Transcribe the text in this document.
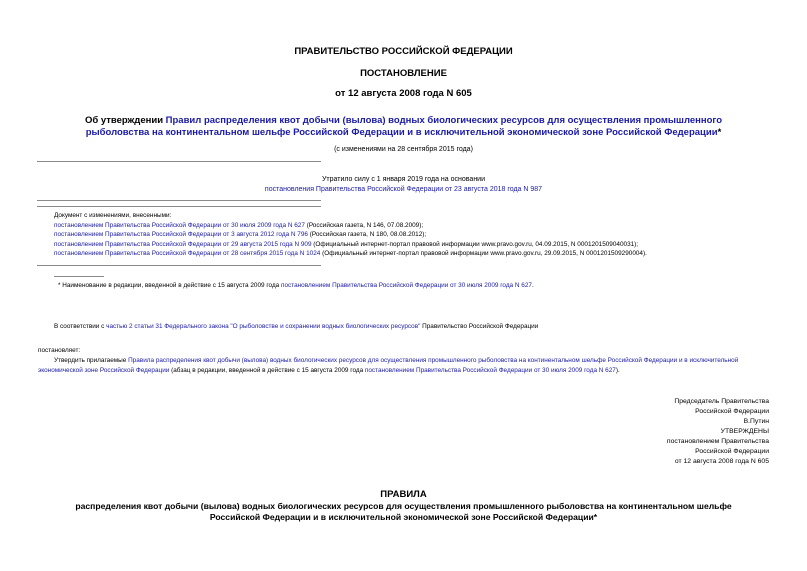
ПРАВИТЕЛЬСТВО РОССИЙСКОЙ ФЕДЕРАЦИИ
ПОСТАНОВЛЕНИЕ
от 12 августа 2008 года N 605
Об утверждении Правил распределения квот добычи (вылова) водных биологических ресурсов для осуществления промышленного рыболовства на континентальном шельфе Российской Федерации и в исключительной экономической зоне Российской Федерации*
(с изменениями на 28 сентября 2015 года)
Утратило силу с 1 января 2019 года на основании
постановления Правительства Российской Федерации от 23 августа 2018 года N 987
Документ с изменениями, внесенными:
постановлением Правительства Российской Федерации от 30 июля 2009 года N 627 (Российская газета, N 146, 07.08.2009);
постановлением Правительства Российской Федерации от 3 августа 2012 года N 796 (Российская газета, N 180, 08.08.2012);
постановлением Правительства Российской Федерации от 29 августа 2015 года N 909 (Официальный интернет-портал правовой информации www.pravo.gov.ru, 04.09.2015, N 0001201509040031);
постановлением Правительства Российской Федерации от 28 сентября 2015 года N 1024 (Официальный интернет-портал правовой информации www.pravo.gov.ru, 29.09.2015, N 0001201509290004).
* Наименование в редакции, введенной в действие с 15 августа 2009 года постановлением Правительства Российской Федерации от 30 июля 2009 года N 627.
В соответствии с частью 2 статьи 31 Федерального закона "О рыболовстве и сохранении водных биологических ресурсов" Правительство Российской Федерации
постановляет:
Утвердить прилагаемые Правила распределения квот добычи (вылова) водных биологических ресурсов для осуществления промышленного рыболовства на континентальном шельфе Российской Федерации и в исключительной экономической зоне Российской Федерации (абзац в редакции, введенной в действие с 15 августа 2009 года постановлением Правительства Российской Федерации от 30 июля 2009 года N 627).
Председатель Правительства
Российской Федерации
В.Путин
УТВЕРЖДЕНЫ
постановлением Правительства
Российской Федерации
от 12 августа 2008 года N 605
ПРАВИЛА
распределения квот добычи (вылова) водных биологических ресурсов для осуществления промышленного рыболовства на континентальном шельфе
Российской Федерации и в исключительной экономической зоне Российской Федерации*
